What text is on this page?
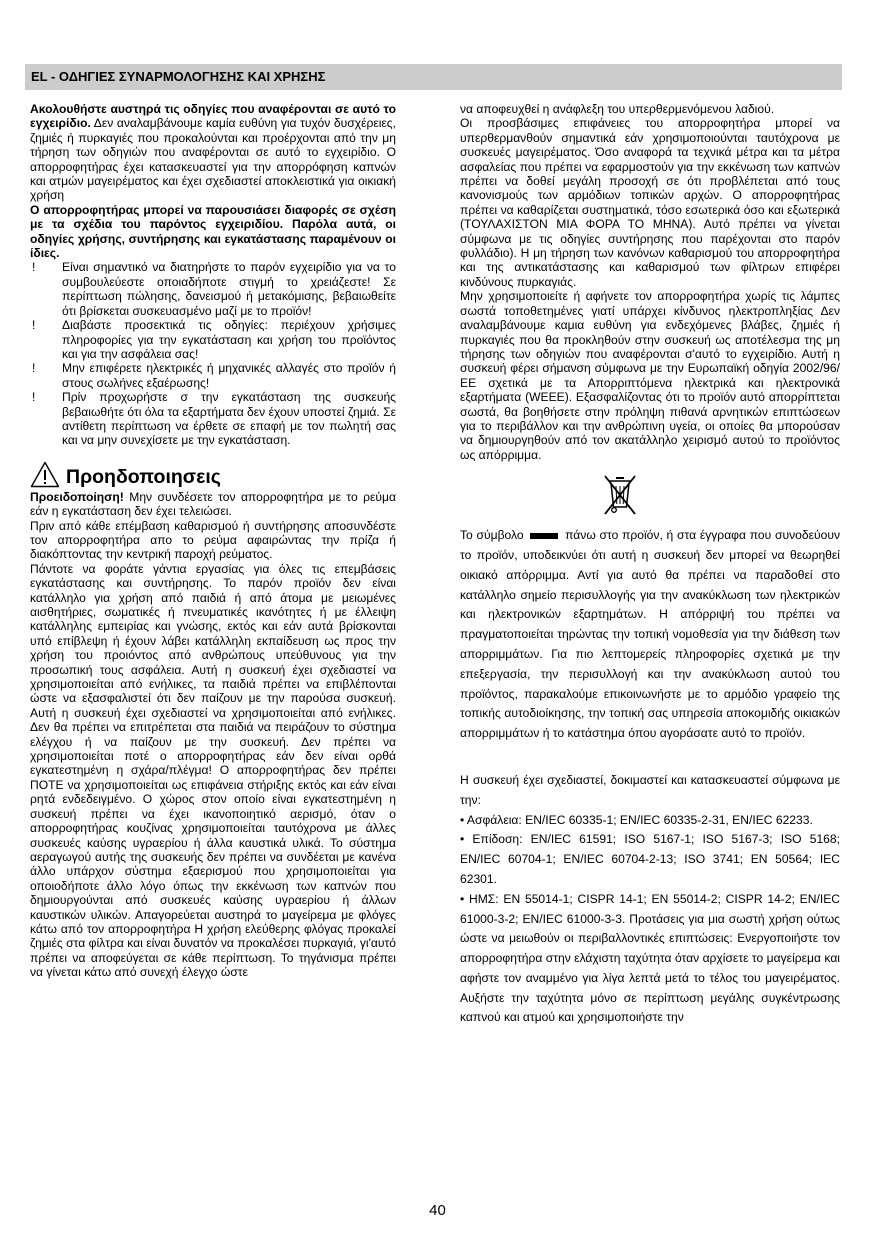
EL - ΟΔΗΓΙΕΣ ΣΥΝΑΡΜΟΛΟΓΗΣΗΣ ΚΑΙ ΧΡΗΣΗΣ

Ακολουθήστε αυστηρά τις οδηγίες που αναφέρονται σε αυτό το εγχειρίδιο. Δεν αναλαμβάνουμε καμία ευθύνη για τυχόν δυσχέρειες, ζημιές ή πυρκαγιές που προκαλούνται και προέρχονται από την μη τήρηση των οδηγιών που αναφέρονται σε αυτό το εγχειρίδιο. Ο απορροφητήρας έχει κατασκευαστεί για την απορρόφηση καπνών και ατμών μαγειρέματος και έχει σχεδιαστεί αποκλειστικά για οικιακή χρήση

Ο απορροφητήρας μπορεί να παρουσιάσει διαφορές σε σχέση με τα σχέδια του παρόντος εγχειριδίου. Παρόλα αυτά, οι οδηγίες χρήσης, συντήρησης και εγκατάστασης παραμένουν οι ίδιες.

! Είναι σημαντικό να διατηρήστε το παρόν εγχειρίδιο για να το συμβουλεύεστε οποιαδήποτε στιγμή το χρειάζεστε! Σε περίπτωση πώλησης, δανεισμού ή μετακόμισης, βεβαιωθείτε ότι βρίσκεται συσκευασμένο μαζί με το προϊόν!
! Διαβάστε προσεκτικά τις οδηγίες: περιέχουν χρήσιμες πληροφορίες για την εγκατάσταση και χρήση του προϊόντος και για την ασφάλεια σας!
! Μην επιφέρετε ηλεκτρικές ή μηχανικές αλλαγές στο προϊόν ή στους σωλήνες εξαέρωσης!
! Πρίν προχωρήστε σ την εγκατάσταση της συσκευής βεβαιωθήτε ότι όλα τα εξαρτήματα δεν έχουν υποστεί ζημιά. Σε αντίθετη περίπτωση να έρθετε σε επαφή με τον πωλητή σας και να μην συνεχίσετε με την εγκατάσταση.
Προηδοποιησεις

Προειδοποίηση! Μην συνδέσετε τον απορροφητήρα με το ρεύμα εάν η εγκατάσταση δεν έχει τελειώσει.

Πριν από κάθε επέμβαση καθαρισμού ή συντήρησης αποσυνδέστε τον απορροφητήρα απο το ρεύμα αφαιρώντας την πρίζα ή διακόπτοντας την κεντρική παροχή ρεύματος.

Πάντοτε να φοράτε γάντια εργασίας για όλες τις επεμβάσεις εγκατάστασης και συντήρησης. Το παρόν προϊόν δεν είναι κατάλληλο για χρήση από παιδιά ή από άτομα με μειωμένες αισθητήριες, σωματικές ή πνευματικές ικανότητες ή με έλλειψη κατάλληλης εμπειρίας και γνώσης, εκτός και εάν αυτά βρίσκονται υπό επίβλεψη ή έχουν λάβει κατάλληλη εκπαίδευση ως προς την χρήση του προιόντος από ανθρώπους υπεύθυνους για την προσωπική τους ασφάλεια. Αυτή η συσκευή έχει σχεδιαστεί να χρησιμοποιείται από ενήλικες, τα παιδιά πρέπει να επιβλέπονται ώστε να εξασφαλιστεί ότι δεν παίζουν με την παρούσα συσκευή. Αυτή η συσκευή έχει σχεδιαστεί να χρησιμοποιείται από ενήλικες. Δεν θα πρέπει να επιτρέπεται στα παιδιά να πειράζουν το σύστημα ελέγχου ή να παίζουν με την συσκευή. Δεν πρέπει να χρησιμοποιείται ποτέ ο απορροφητήρας εάν δεν είναι ορθά εγκατεστημένη η σχάρα/πλέγμα! Ο απορροφητήρας δεν πρέπει ΠΟΤΕ να χρησιμοποιείται ως επιφάνεια στήριξης εκτός και εάν είναι ρητά ενδεδειγμένο. Ο χώρος στον οποίο είναι εγκατεστημένη η συσκευή πρέπει να έχει ικανοποιητικό αερισμό, όταν ο απορροφητήρας κουζίνας χρησιμοποιείται ταυτόχρονα με άλλες συσκευές καύσης υγραερίου ή άλλα καυστικά υλικά. Το σύστημα αεραγωγού αυτής της συσκευής δεν πρέπει να συνδέεται με κανένα άλλο υπάρχον σύστημα εξαερισμού που χρησιμοποιείται για οποιοδήποτε άλλο λόγο όπως την εκκένωση των καπνών που δημιουργούνται από συσκευές καύσης υγραερίου ή άλλων καυστικών υλικών. Απαγορεύεται αυστηρά το μαγείρεμα με φλόγες κάτω από τον απορροφητήρα Η χρήση ελεύθερης φλόγας προκαλεί ζημιές στα φίλτρα και είναι δυνατόν να προκαλέσει πυρκαγιά, γι'αυτό πρέπει να αποφεύγεται σε κάθε περίπτωση. Το τηγάνισμα πρέπει να γίνεται κάτω από συνεχή έλεγχο ώστε

να αποφευχθεί η ανάφλεξη του υπερθερμενόμενου λαδιού.

Οι προσβάσιμες επιφάνειες του απορροφητήρα μπορεί να υπερθερμανθούν σημαντικά εάν χρησιμοποιούνται ταυτόχρονα με συσκευές μαγειρέματος. Όσο αναφορά τα τεχνικά μέτρα και τα μέτρα ασφαλείας που πρέπει να εφαρμοστούν για την εκκένωση των καπνών πρέπει να δοθεί μεγάλη προσοχή σε ότι προβλέπεται από τους κανονισμούς των αρμόδιων τοπικών αρχών. Ο απορροφητήρας πρέπει να καθαρίζεται συστηματικά, τόσο εσωτερικά όσο και εξωτερικά (ΤΟΥΛΑΧΙΣΤΟΝ ΜΙΑ ΦΟΡΑ ΤΟ ΜΗΝΑ). Αυτό πρέπει να γίνεται σύμφωνα με τις οδηγίες συντήρησης που παρέχονται στο παρόν φυλλάδιο). Η μη τήρηση των κανόνων καθαρισμού του απορροφητήρα και της αντικατάστασης και καθαρισμού των φίλτρων επιφέρει κινδύνους πυρκαγιάς.

Μην χρησιμοποιείτε ή αφήνετε τον απορροφητήρα χωρίς τις λάμπες σωστά τοποθετημένες γιατί υπάρχει κίνδυνος ηλεκτροπληξίας Δεν αναλαμβάνουμε καμια ευθύνη για ενδεχόμενες βλάβες, ζημιές ή πυρκαγιές που θα προκληθούν στην συσκευή ως αποτέλεσμα της μη τήρησης των οδηγιών που αναφέρονται σ'αυτό το εγχειρίδιο. Αυτή η συσκευή φέρει σήμανση σύμφωνα με την Ευρωπαϊκή οδηγία 2002/96/ΕΕ σχετικά με τα Απορριπτόμενα ηλεκτρικά και ηλεκτρονικά εξαρτήματα (WEEE). Εξασφαλίζοντας ότι το προϊόν αυτό απορρίπτεται σωστά, θα βοηθήσετε στην πρόληψη πιθανά αρνητικών επιπτώσεων για το περιβάλλον και την ανθρώπινη υγεία, οι οποίες θα μπορούσαν να δημιουργηθούν από τον ακατάλληλο χειρισμό αυτού το προϊόντος ως απόρριμμα.

Το σύμβολο	πάνω στο προϊόν, ή στα έγγραφα που συνοδεύουν το προϊόν, υποδεικνύει ότι αυτή η συσκευή δεν μπορεί να θεωρηθεί οικιακό απόρριμμα. Αντί για αυτό θα πρέπει να παραδοθεί στο κατάλληλο σημείο περισυλλογής για την ανακύκλωση των ηλεκτρικών και ηλεκτρονικών εξαρτημάτων. Η απόρριψή του πρέπει να πραγματοποιείται τηρώντας την τοπική νομοθεσία για την διάθεση των απορριμμάτων. Για πιο λεπτομερείς πληροφορίες σχετικά με την επεξεργασία, την περισυλλογή και την ανακύκλωση αυτού του προϊόντος, παρακαλούμε επικοινωνήστε με το αρμόδιο γραφείο της τοπικής αυτοδιοίκησης, την τοπική σας υπηρεσία αποκομιδής οικιακών απορριμμάτων ή το κατάστημα όπου αγοράσατε αυτό το προϊόν.

Η συσκευή έχει σχεδιαστεί, δοκιμαστεί και κατασκευαστεί σύμφωνα με την:

• Ασφάλεια: EN/IEC 60335-1; EN/IEC 60335-2-31, EN/IEC 62233.

• Επίδοση: EN/IEC 61591; ISO 5167-1; ISO 5167-3; ISO 5168; EN/IEC 60704-1; EN/IEC 60704-2-13; ISO 3741; EN 50564; IEC 62301.

• ΗΜΣ: EN 55014-1; CISPR 14-1; EN 55014-2; CISPR 14-2; EN/IEC 61000-3-2; EN/IEC 61000-3-3. Προτάσεις για μια σωστή χρήση ούτως ώστε να μειωθούν οι περιβαλλοντικές επιπτώσεις: Ενεργοποιήστε τον απορροφητήρα στην ελάχιστη ταχύτητα όταν αρχίσετε το μαγείρεμα και αφήστε τον αναμμένο για λίγα λεπτά μετά το τέλος του μαγειρέματος. Αυξήστε την ταχύτητα μόνο σε περίπτωση μεγάλης συγκέντρωσης καπνού και ατμού και χρησιμοποιήστε την

40
